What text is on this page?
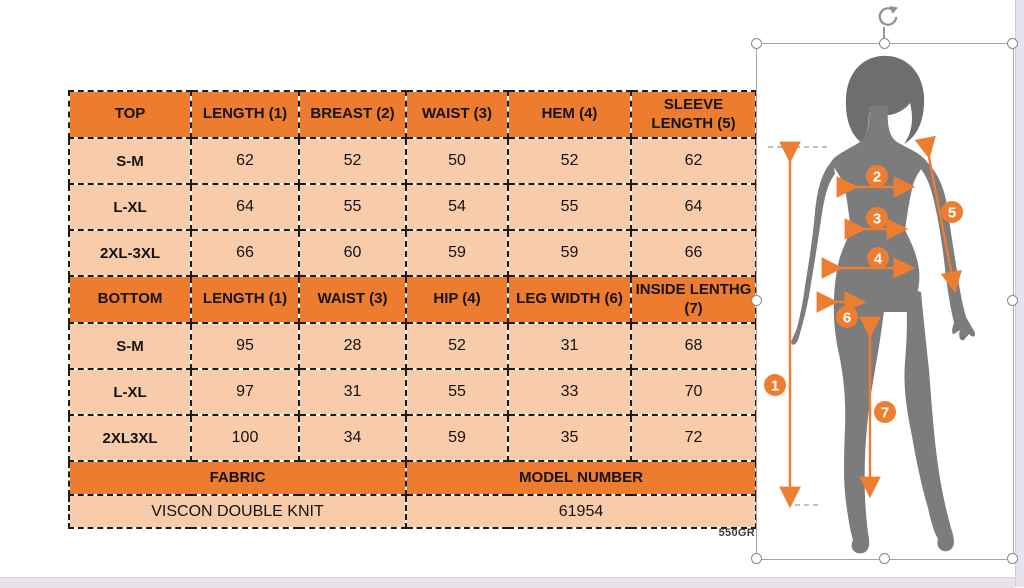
TOP	LENGTH (1)	BREAST (2)	WAIST (3)	HEM (4)	SLEEVE LENGTH (5)
S-M	62	52	50	52	62
L-XL	64	55	54	55	64
2XL-3XL	66	60	59	59	66
BOTTOM	LENGTH (1)	WAIST (3)	HIP (4)	LEG WIDTH (6)	INSIDE LENTHG (7)
S-M	95	28	52	31	68
L-XL	97	31	55	33	70
2XL3XL	100	34	59	35	72
FABRIC			MODEL NUMBER		
VISCON DOUBLE KNIT			61954		
550GR
1
2
3
4
5
6
7
